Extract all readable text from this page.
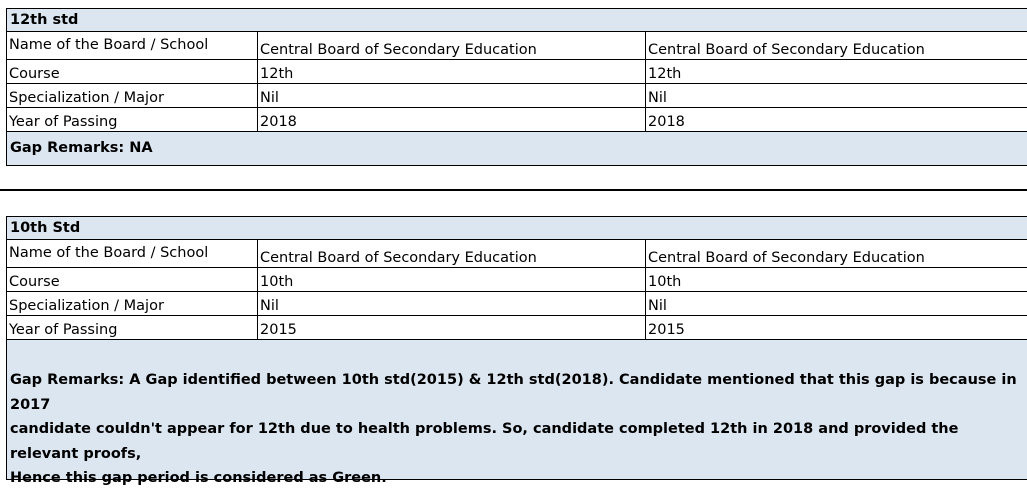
12th std
Name of the Board / School	Central Board of Secondary Education	Central Board of Secondary Education
Course	12th	12th
Specialization / Major	Nil	Nil
Year of Passing	2018	2018
Gap Remarks: NA
10th Std
Name of the Board / School	Central Board of Secondary Education	Central Board of Secondary Education
Course	10th	10th
Specialization / Major	Nil	Nil
Year of Passing	2015	2015
Gap Remarks: A Gap identified between 10th std(2015) & 12th std(2018). Candidate mentioned that this gap is because in 2017
candidate couldn't appear for 12th due to health problems. So, candidate completed 12th in 2018 and provided the relevant proofs,
Hence this gap period is considered as Green.
